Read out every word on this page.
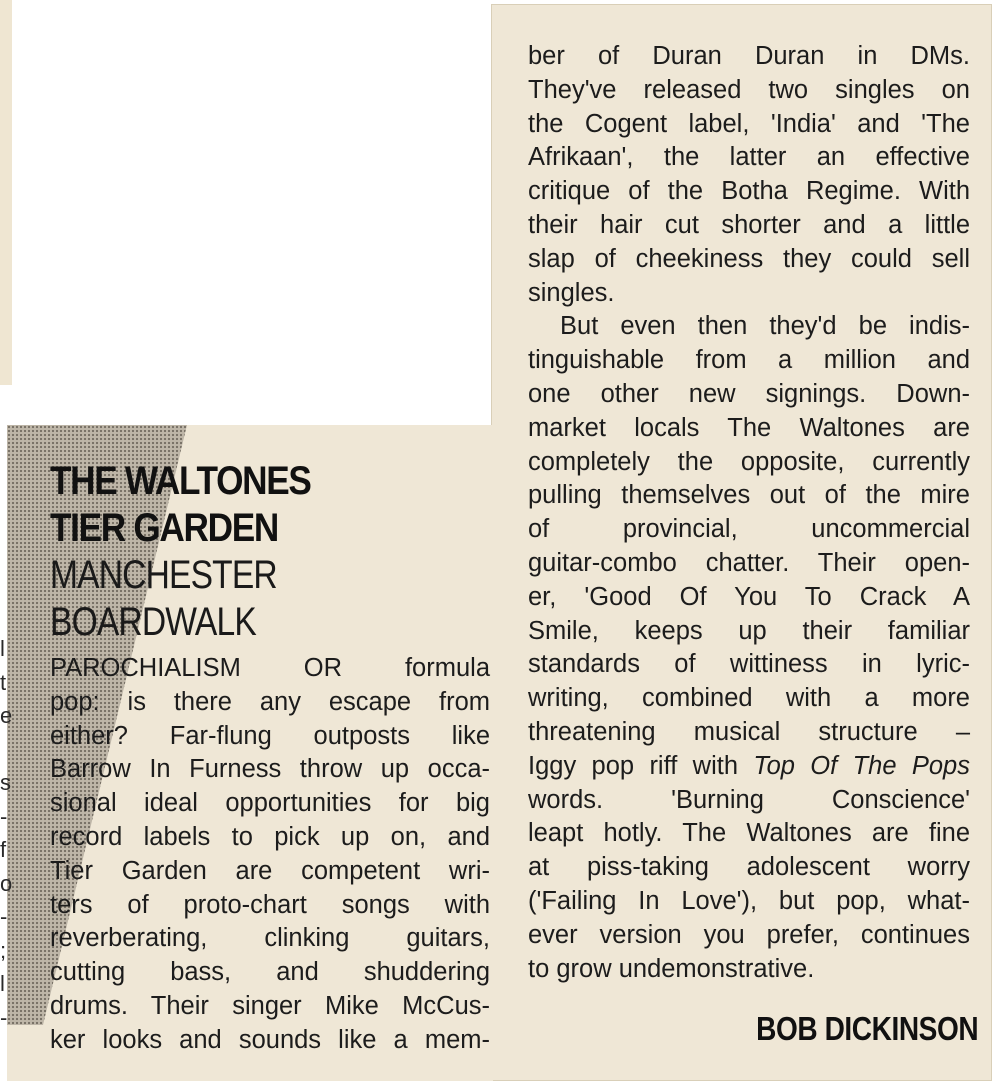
l
t
e
s
-
f
o
-
;
l
-
THE WALTONES
TIER GARDEN
MANCHESTER
BOARDWALK
PAROCHIALISM OR formula
pop: is there any escape from
either? Far-flung outposts like
Barrow In Furness throw up occa-
sional ideal opportunities for big
record labels to pick up on, and
Tier Garden are competent wri-
ters of proto-chart songs with
reverberating, clinking guitars,
cutting bass, and shuddering
drums. Their singer Mike McCus-
ker looks and sounds like a mem-
ber of Duran Duran in DMs.
They've released two singles on
the Cogent label, 'India' and 'The
Afrikaan', the latter an effective
critique of the Botha Regime. With
their hair cut shorter and a little
slap of cheekiness they could sell
singles.
But even then they'd be indis-
tinguishable from a million and
one other new signings. Down-
market locals The Waltones are
completely the opposite, currently
pulling themselves out of the mire
of provincial, uncommercial
guitar-combo chatter. Their open-
er, 'Good Of You To Crack A
Smile, keeps up their familiar
standards of wittiness in lyric-
writing, combined with a more
threatening musical structure –
Iggy pop riff with Top Of The Pops
words. 'Burning Conscience'
leapt hotly. The Waltones are fine
at piss-taking adolescent worry
('Failing In Love'), but pop, what-
ever version you prefer, continues
to grow undemonstrative.
BOB DICKINSON
